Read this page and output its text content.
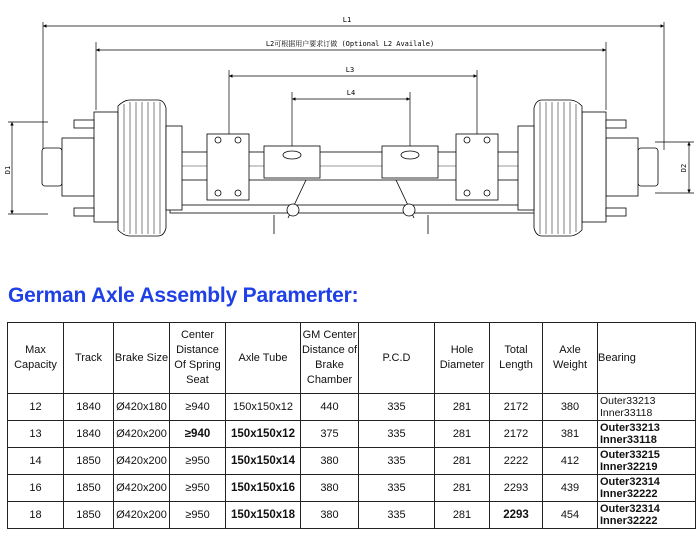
L1
L2可根据用户要求订做 (Optional L2 Availale)
L3
L4
D1	D2
German Axle Assembly Paramerter:
Max Capacity	Track	Brake Size	Center Distance Of Spring Seat	Axle Tube	GM Center Distance of Brake Chamber	P.C.D	Hole Diameter	Total Length	Axle Weight	Bearing
12	1840	Ø420x180	≥940	150x150x12	440	335	281	2172	380	Outer33213
Inner33118

13	1840	Ø420x200	≥940	150x150x12	375	335	281	2172	381	Outer33213
Inner33118

14	1850	Ø420x200	≥950	150x150x14	380	335	281	2222	412	Outer33215
Inner32219

16	1850	Ø420x200	≥950	150x150x16	380	335	281	2293	439	Outer32314
Inner32222

18	1850	Ø420x200	≥950	150x150x18	380	335	281	2293	454	Outer32314
Inner32222
